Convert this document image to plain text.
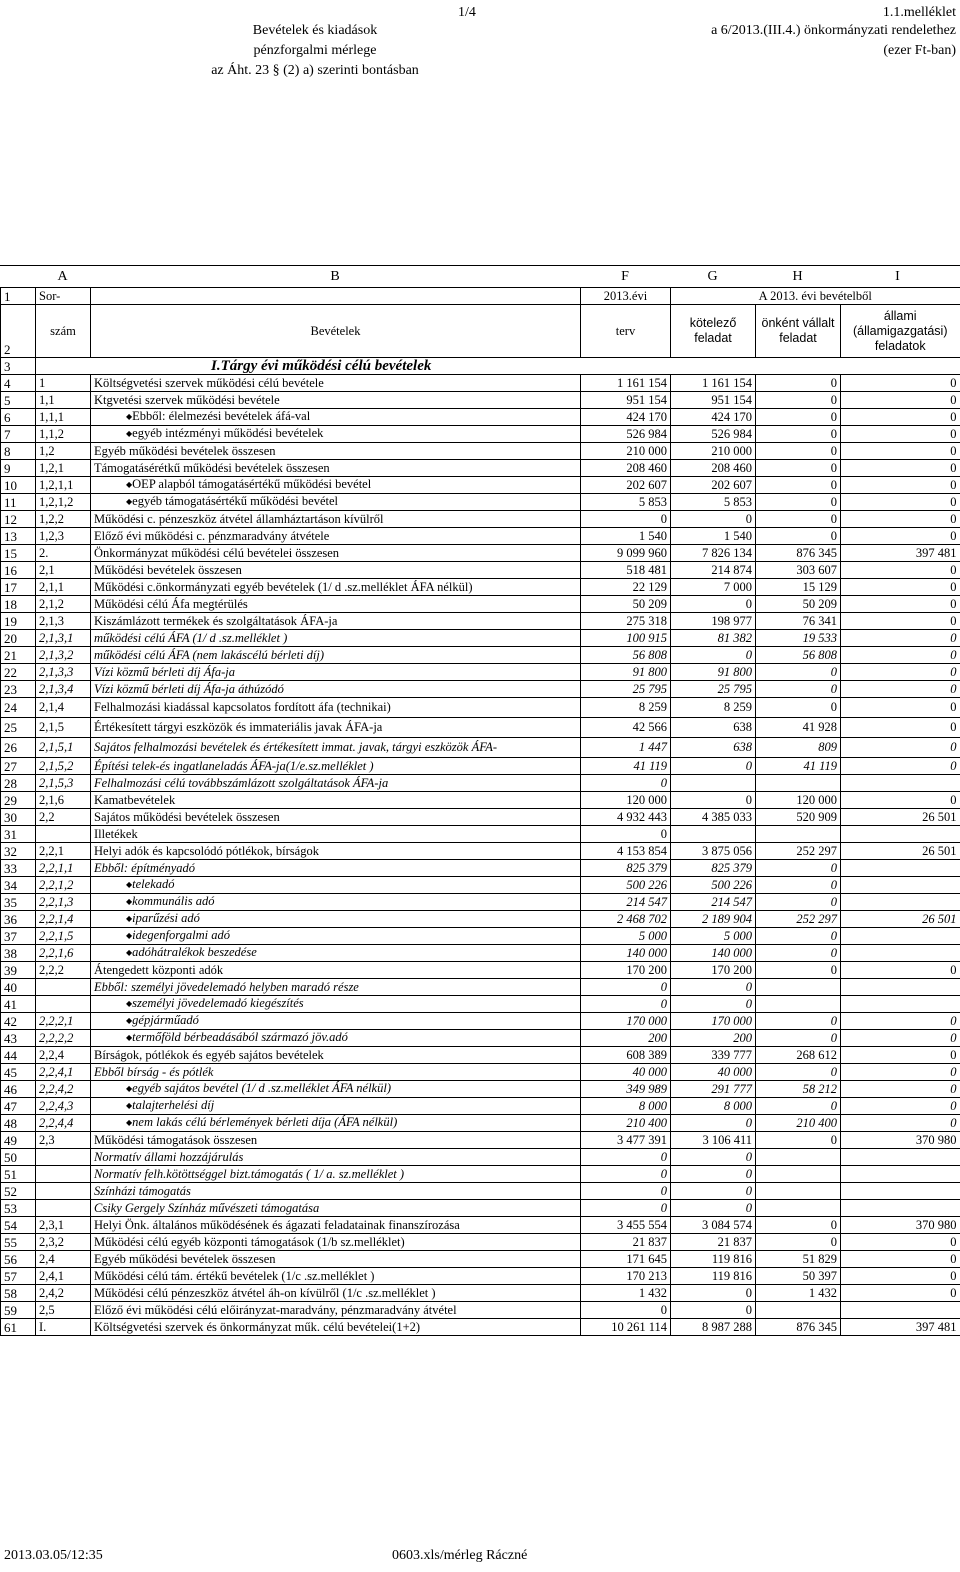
1/4
Bevételek és kiadások
pénzforgalmi mérlege
az Áht. 23 § (2) a) szerinti bontásban
1.1.melléklet
a 6/2013.(III.4.) önkormányzati rendelethez
(ezer Ft-ban)
A	B	F	G	H	I
1	Sor-		2013.évi	A 2013. évi bevételből		
2	szám	Bevételek	terv	kötelező feladat	önként vállalt feladat	állami (államigazgatási) feladatok
3	I.Tárgy évi működési célú bevételek					
4	1	Költségvetési szervek működési célú bevétele	1 161 154	1 161 154	0	0
5	1,1	Ktgvetési szervek működési bevétele	951 154	951 154	0	0
6	1,1,1	◆Ebből: élelmezési bevételek áfá-val	424 170	424 170	0	0
7	1,1,2	◆egyéb intézményi működési bevételek	526 984	526 984	0	0
8	1,2	Egyéb működési bevételek összesen	210 000	210 000	0	0
9	1,2,1	Támogatásérétkű működési bevételek összesen	208 460	208 460	0	0
10	1,2,1,1	◆OEP alapból támogatásértékű működési bevétel	202 607	202 607	0	0
11	1,2,1,2	◆egyéb támogatásértékű működési bevétel	5 853	5 853	0	0
12	1,2,2	Működési c. pénzeszköz átvétel államháztartáson kívülről	0	0	0	0
13	1,2,3	Előző évi működési c. pénzmaradvány átvétele	1 540	1 540	0	0
15	2.	Önkormányzat működési célú bevételei összesen	9 099 960	7 826 134	876 345	397 481
16	2,1	Működési bevételek összesen	518 481	214 874	303 607	0
17	2,1,1	Működési c.önkormányzati egyéb bevételek (1/ d .sz.melléklet ÁFA nélkül)	22 129	7 000	15 129	0
18	2,1,2	Működési célú Áfa megtérülés	50 209	0	50 209	0
19	2,1,3	Kiszámlázott termékek és szolgáltatások ÁFA-ja	275 318	198 977	76 341	0
20	2,1,3,1	működési célú ÁFA (1/ d .sz.melléklet )	100 915	81 382	19 533	0
21	2,1,3,2	működési célú ÁFA (nem lakáscélú bérleti díj)	56 808	0	56 808	0
22	2,1,3,3	Vízi közmű bérleti díj Áfa-ja	91 800	91 800	0	0
23	2,1,3,4	Vízi közmű bérleti díj Áfa-ja áthúzódó	25 795	25 795	0	0
24	2,1,4	Felhalmozási kiadással kapcsolatos fordított áfa (technikai)	8 259	8 259	0	0
25	2,1,5	Értékesített tárgyi eszközök és immateriális javak ÁFA-ja	42 566	638	41 928	0
26	2,1,5,1	Sajátos felhalmozási bevételek és értékesített immat. javak, tárgyi eszközök ÁFA-	1 447	638	809	0
27	2,1,5,2	Építési telek-és ingatlaneladás ÁFA-ja(1/e.sz.melléklet )	41 119	0	41 119	0
28	2,1,5,3	Felhalmozási célú továbbszámlázott szolgáltatások ÁFA-ja	0			
29	2,1,6	Kamatbevételek	120 000	0	120 000	0
30	2,2	Sajátos működési bevételek összesen	4 932 443	4 385 033	520 909	26 501
31		Illetékek	0			
32	2,2,1	Helyi adók és kapcsolódó pótlékok, bírságok	4 153 854	3 875 056	252 297	26 501
33	2,2,1,1	Ebből: építményadó	825 379	825 379	0	
34	2,2,1,2	◆telekadó	500 226	500 226	0	
35	2,2,1,3	◆kommunális adó	214 547	214 547	0	
36	2,2,1,4	◆iparűzési adó	2 468 702	2 189 904	252 297	26 501
37	2,2,1,5	◆idegenforgalmi adó	5 000	5 000	0	
38	2,2,1,6	◆adóhátralékok beszedése	140 000	140 000	0	
39	2,2,2	Átengedett központi adók	170 200	170 200	0	0
40		Ebből: személyi jövedelemadó helyben maradó része	0	0		
41		◆személyi jövedelemadó kiegészítés	0	0		
42	2,2,2,1	◆gépjárműadó	170 000	170 000	0	0
43	2,2,2,2	◆termőföld bérbeadásából származó jöv.adó	200	200	0	0
44	2,2,4	Bírságok, pótlékok és egyéb sajátos bevételek	608 389	339 777	268 612	0
45	2,2,4,1	Ebből bírság - és pótlék	40 000	40 000	0	0
46	2,2,4,2	◆egyéb sajátos bevétel (1/ d .sz.melléklet ÁFA nélkül)	349 989	291 777	58 212	0
47	2,2,4,3	◆talajterhelési díj	8 000	8 000	0	0
48	2,2,4,4	◆nem lakás célú bérlemények bérleti díja (ÁFA nélkül)	210 400	0	210 400	0
49	2,3	Működési támogatások összesen	3 477 391	3 106 411	0	370 980
50		Normatív állami hozzájárulás	0	0		
51		Normatív felh.kötöttséggel bizt.támogatás ( 1/ a. sz.melléklet )	0	0		
52		Színházi támogatás	0	0		
53		Csiky Gergely Színház művészeti támogatása	0	0		
54	2,3,1	Helyi Önk. általános működésének és ágazati feladatainak finanszírozása	3 455 554	3 084 574	0	370 980
55	2,3,2	Működési célú egyéb központi támogatások (1/b sz.melléklet)	21 837	21 837	0	0
56	2,4	Egyéb működési bevételek összesen	171 645	119 816	51 829	0
57	2,4,1	Működési célú tám. értékű bevételek (1/c .sz.melléklet )	170 213	119 816	50 397	0
58	2,4,2	Működési célú pénzeszköz átvétel áh-on kívülről (1/c .sz.melléklet )	1 432	0	1 432	0
59	2,5	Előző évi működési célú előirányzat-maradvány, pénzmaradvány átvétel	0	0		
61	I.	Költségvetési szervek és önkormányzat műk. célú bevételei(1+2)	10 261 114	8 987 288	876 345	397 481
2013.03.05/12:35	0603.xls/mérleg Ráczné
